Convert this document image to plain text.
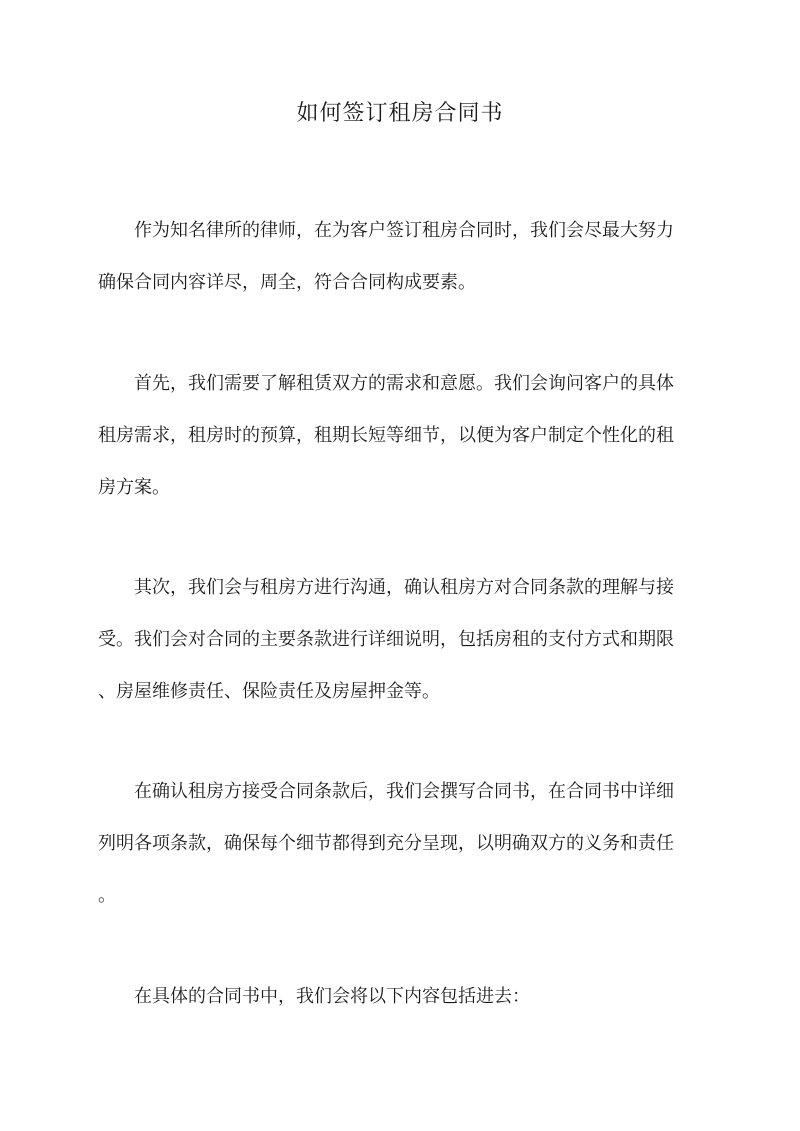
如何签订租房合同书
作为知名律所的律师，在为客户签订租房合同时，我们会尽最大努力
确保合同内容详尽，周全，符合合同构成要素。
首先，我们需要了解租赁双方的需求和意愿。我们会询问客户的具体
租房需求，租房时的预算，租期长短等细节，以便为客户制定个性化的租
房方案。
其次，我们会与租房方进行沟通，确认租房方对合同条款的理解与接
受。我们会对合同的主要条款进行详细说明，包括房租的支付方式和期限
、房屋维修责任、保险责任及房屋押金等。
在确认租房方接受合同条款后，我们会撰写合同书，在合同书中详细
列明各项条款，确保每个细节都得到充分呈现，以明确双方的义务和责任
。
在具体的合同书中，我们会将以下内容包括进去：
